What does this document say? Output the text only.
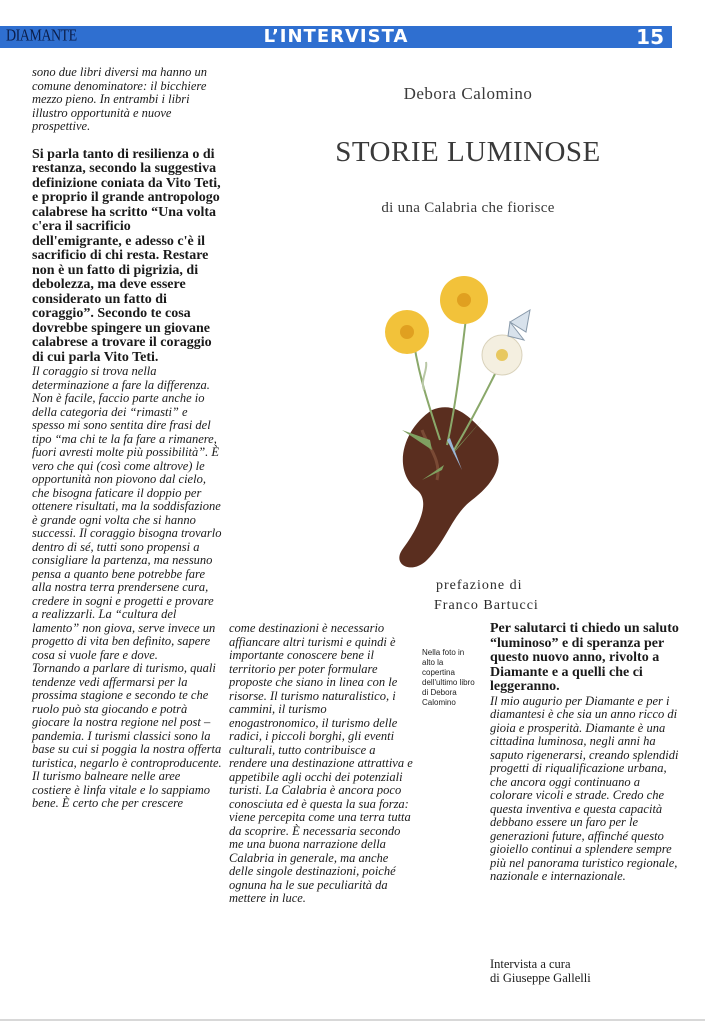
DIAMANTE	L’INTERVISTA	15

sono due libri diversi ma hanno un comune denominatore: il bicchiere mezzo pieno. In entrambi i libri illustro opportunità e nuove prospettive.

Si parla tanto di resilienza o di restanza, secondo la suggestiva definizione coniata da Vito Teti, e proprio il grande antropologo calabrese ha scritto “Una volta c'era il sacrificio dell'emigrante, e adesso c'è il sacrificio di chi resta. Restare non è un fatto di pigrizia, di debolezza, ma deve essere considerato un fatto di coraggio”. Secondo te cosa dovrebbe spingere un giovane calabrese a trovare il coraggio di cui parla Vito Teti.

Il coraggio si trova nella determinazione a fare la differenza. Non è facile, faccio parte anche io della categoria dei “rimasti” e spesso mi sono sentita dire frasi del tipo “ma chi te la fa fare a rimanere, fuori avresti molte più possibilità”. È vero che qui (così come altrove) le opportunità non piovono dal cielo, che bisogna faticare il doppio per ottenere risultati, ma la soddisfazione è grande ogni volta che si hanno successi. Il coraggio bisogna trovarlo dentro di sé, tutti sono propensi a consigliare la partenza, ma nessuno pensa a quanto bene potrebbe fare alla nostra terra prendersene cura, credere in sogni e progetti e provare a realizzarli. La “cultura del lamento” non giova, serve invece un progetto di vita ben definito, sapere cosa si vuole fare e dove.

Tornando a parlare di turismo, quali tendenze vedi affermarsi per la prossima stagione e secondo te che ruolo può sta giocando e potrà giocare la nostra regione nel post – pandemia. I turismi classici sono la base su cui si poggia la nostra offerta turistica, negarlo è controproducente. Il turismo balneare nelle aree costiere è linfa vitale e lo sappiamo bene. È certo che per crescere

Debora Calomino
STORIE LUMINOSE
di una Calabria che fiorisce
prefazione di
Franco Bartucci

come destinazioni è necessario affiancare altri turismi e quindi è importante conoscere bene il territorio per poter formulare proposte che siano in linea con le risorse. Il turismo naturalistico, i cammini, il turismo enogastronomico, il turismo delle radici, i piccoli borghi, gli eventi culturali, tutto contribuisce a rendere una destinazione attrattiva e appetibile agli occhi dei potenziali turisti. La Calabria è ancora poco conosciuta ed è questa la sua forza: viene percepita come una terra tutta da scoprire. È necessaria secondo me una buona narrazione della Calabria in generale, ma anche delle singole destinazioni, poiché ognuna ha le sue peculiarità da mettere in luce.

Nella foto in alto la copertina dell'ultimo libro di Debora Calomino

Per salutarci ti chiedo un saluto “luminoso” e di speranza per questo nuovo anno, rivolto a Diamante e a quelli che ci leggeranno.

Il mio augurio per Diamante e per i diamantesi è che sia un anno ricco di gioia e prosperità. Diamante è una cittadina luminosa, negli anni ha saputo rigenerarsi, creando splendidi progetti di riqualificazione urbana, che ancora oggi continuano a colorare vicoli e strade. Credo che questa inventiva e questa capacità debbano essere un faro per le generazioni future, affinché questo gioiello continui a splendere sempre più nel panorama turistico regionale, nazionale e internazionale.

Intervista a cura

di Giuseppe Gallelli
